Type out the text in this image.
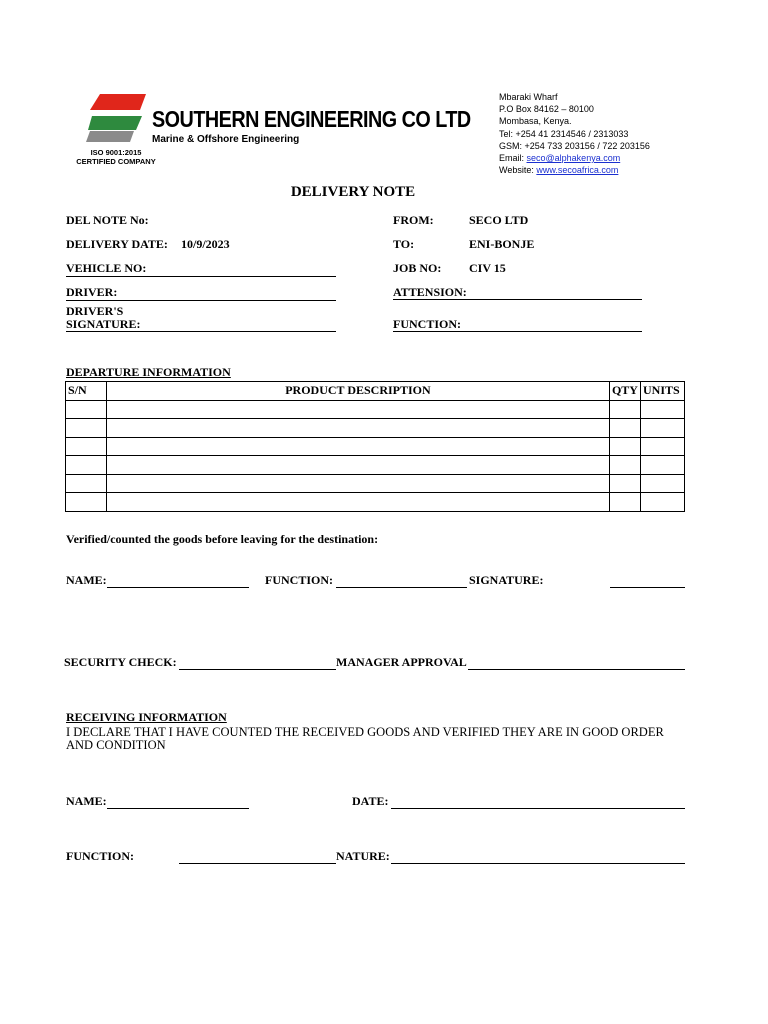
SOUTHERN ENGINEERING CO LTD
Marine & Offshore Engineering
ISO 9001:2015
CERTIFIED COMPANY
Mbaraki Wharf
P.O Box 84162 – 80100
Mombasa, Kenya.
Tel: +254 41 2314546 / 2313033
GSM: +254 733 203156 / 722 203156
Email: seco@alphakenya.com
Website: www.secoafrica.com
DELIVERY NOTE
DEL NOTE No:
DELIVERY DATE: 10/9/2023
VEHICLE NO:
DRIVER:
DRIVER'S
SIGNATURE:
FROM:	SECO LTD
TO:	ENI-BONJE
JOB NO: CIV 15
ATTENSION:
FUNCTION:
DEPARTURE INFORMATION
S/N	PRODUCT DESCRIPTION	QTY	UNITS

Verified/counted the goods before leaving for the destination:
NAME:	FUNCTION:	SIGNATURE:
SECURITY CHECK:	MANAGER APPROVAL
RECEIVING INFORMATION
I DECLARE THAT I HAVE COUNTED THE RECEIVED GOODS AND VERIFIED THEY ARE IN GOOD ORDER AND CONDITION
NAME:	DATE:
FUNCTION:	NATURE:
